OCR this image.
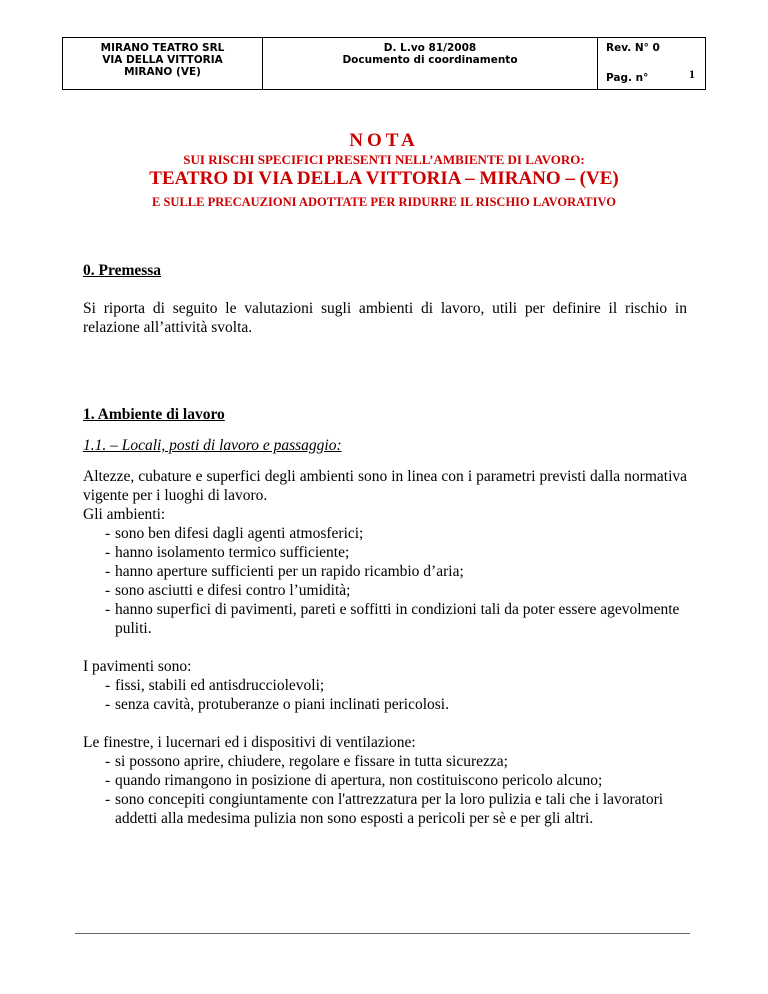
MIRANO TEATRO SRL
VIA DELLA VITTORIA
MIRANO (VE)
D. L.vo 81/2008
Documento di coordinamento
Rev. N° 0
Pag. n°	1
NOTA
SUI RISCHI SPECIFICI PRESENTI NELL’AMBIENTE DI LAVORO:
TEATRO DI VIA DELLA VITTORIA – MIRANO – (VE)
E SULLE PRECAUZIONI ADOTTATE PER RIDURRE IL RISCHIO LAVORATIVO
0. Premessa
Si riporta di seguito le valutazioni sugli ambienti di lavoro, utili per definire il rischio in relazione all’attività svolta.
1. Ambiente di lavoro
1.1. – Locali, posti di lavoro e passaggio:
Altezze, cubature e superfici degli ambienti sono in linea con i parametri previsti dalla normativa vigente per i luoghi di lavoro.
Gli ambienti:
- sono ben difesi dagli agenti atmosferici;
- hanno isolamento termico sufficiente;
- hanno aperture sufficienti per un rapido ricambio d’aria;
- sono asciutti e difesi contro l’umidità;
- hanno superfici di pavimenti, pareti e soffitti in condizioni tali da poter essere agevolmente puliti.
I pavimenti sono:
- fissi, stabili ed antisdrucciolevoli;
- senza cavità, protuberanze o piani inclinati pericolosi.
Le finestre, i lucernari ed i dispositivi di ventilazione:
- si possono aprire, chiudere, regolare e fissare in tutta sicurezza;
- quando rimangono in posizione di apertura, non costituiscono pericolo alcuno;
- sono concepiti congiuntamente con l'attrezzatura per la loro pulizia e tali che i lavoratori addetti alla medesima pulizia non sono esposti a pericoli per sè e per gli altri.
